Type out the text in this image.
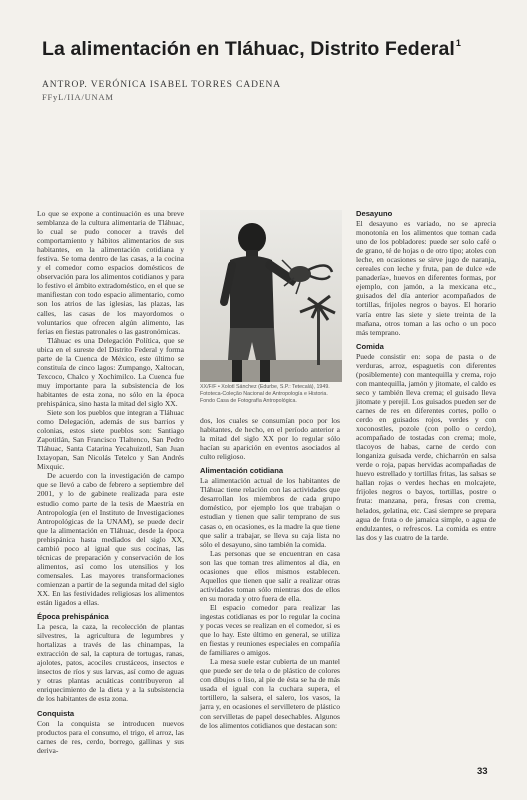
La alimentación en Tláhuac, Distrito Federal$^1$
ANTROP. VERÓNICA ISABEL TORRES CADENA
FFyL/IIA/UNAM

Lo que se expone a continuación es una breve semblanza de la cultura alimentaria de Tláhuac, lo cual se pudo conocer a través del comportamiento y hábitos alimentarios de sus habitantes, en la alimentación cotidiana y festiva. Se toma dentro de las casas, a la cocina y el comedor como espacios domésticos de observación para los alimentos cotidianos y para lo festivo el ámbito extradoméstico, en el que se manifiestan con todo espacio alimentario, como son los atrios de las iglesias, las plazas, las calles, las casas de los mayordomos o voluntarios que ofrecen algún alimento, las ferias en fiestas patronales o las gastronómicas.

Tláhuac es una Delegación Política, que se ubica en el sureste del Distrito Federal y forma parte de la Cuenca de México, este último se constituía de cinco lagos: Zumpango, Xaltocan, Texcoco, Chalco y Xochimilco. La Cuenca fue muy importante para la subsistencia de los habitantes de esta zona, no sólo en la época prehispánica, sino hasta la mitad del siglo XX.

Siete son los pueblos que integran a Tláhuac como Delegación, además de sus barrios y colonias, estos siete pueblos son: Santiago Zapotitlán, San Francisco Tlaltenco, San Pedro Tláhuac, Santa Catarina Yecahuizotl, San Juan Ixtayopan, San Nicolás Tetelco y San Andrés Mixquic.

De acuerdo con la investigación de campo que se llevó a cabo de febrero a septiembre del 2001, y lo de gabinete realizada para este estudio como parte de la tesis de Maestría en Antropología (en el Instituto de Investigaciones Antropológicas de la UNAM), se puede decir que la alimentación en Tláhuac, desde la época prehispánica hasta mediados del siglo XX, cambió poco al igual que sus cocinas, las técnicas de preparación y conservación de los alimentos, así como los utensilios y los comensales. Las mayores transformaciones comienzan a partir de la segunda mitad del siglo XX. En las festividades religiosas los alimentos están ligados a ellas.

Época prehispánica

La pesca, la caza, la recolección de plantas silvestres, la agricultura de legumbres y hortalizas a través de las chinampas, la extracción de sal, la captura de tortugas, ranas, ajolotes, patos, acociles crustáceos, insectos e insectos de ríos y sus larvas, así como de aguas y otras plantas acuáticas contribuyeron al enriquecimiento de la dieta y a la subsistencia de los habitantes de esta zona.

Conquista

Con la conquista se introducen nuevos productos para el consumo, el trigo, el arroz, las carnes de res, cerdo, borrego, gallinas y sus deriva-

XX/F/F • Xolotl Sánchez (Edurbe, S.P.: Tetecalá), 1949. Fototeca-Coleção Nacional de Antropología e Historia. Fondo Casa de Fotografía Antropológica.

dos, los cuales se consumían poco por los habitantes, de hecho, en el período anterior a la mitad del siglo XX por lo regular sólo hacían su aparición en eventos asociados al culto religioso.

Alimentación cotidiana

La alimentación actual de los habitantes de Tláhuac tiene relación con las actividades que desarrollan los miembros de cada grupo doméstico, por ejemplo los que trabajan o estudian y tienen que salir temprano de sus casas o, en ocasiones, es la madre la que tiene que salir a trabajar, se lleva su caja lista no sólo el desayuno, sino también la comida.

Las personas que se encuentran en casa son las que toman tres alimentos al día, en ocasiones que ellos mismos establecen. Aquellos que tienen que salir a realizar otras actividades toman sólo mientras dos de ellos en su morada y otro fuera de ella.

El espacio comedor para realizar las ingestas cotidianas es por lo regular la cocina y pocas veces se realizan en el comedor, si es que lo hay. Este último en general, se utiliza en fiestas y reuniones especiales en compañía de familiares o amigos.

La mesa suele estar cubierta de un mantel que puede ser de tela o de plástico de colores con dibujos o liso, al pie de ésta se ha de más usada el igual con la cuchara supera, el tortillero, la salsera, el salero, los vasos, la jarra y, en ocasiones el servilletero de plástico con servilletas de papel desechables. Algunos de los alimentos cotidianos que destacan son:

Desayuno

El desayuno es variado, no se aprecia monotonía en los alimentos que toman cada uno de los pobladores: puede ser solo café o de grano, té de hojas o de otro tipo; atoles con leche, en ocasiones se sirve jugo de naranja, cereales con leche y fruta, pan de dulce «de panadería», huevos en diferentes formas, por ejemplo, con jamón, a la mexicana etc., guisados del día anterior acompañados de tortillas, frijoles negros o bayos. El horario varía entre las siete y siete treinta de la mañana, otros toman a las ocho o un poco más temprano.

Comida

Puede consistir en: sopa de pasta o de verduras, arroz, espaguetis con diferentes (posiblemente) con mantequilla y crema, rojo con mantequilla, jamón y jitomate, el caldo es seco y también lleva crema; el guisado lleva jitomate y perejil. Los guisados pueden ser de carnes de res en diferentes cortes, pollo o cerdo en guisados rojos, verdes y con xoconostles, pozole (con pollo o cerdo), acompañado de tostadas con crema; mole, tlacoyos de habas, carne de cerdo con longaniza guisada verde, chicharrón en salsa verde o roja, papas hervidas acompañadas de huevo estrellado y tortillas fritas, las salsas se hallan rojas o verdes hechas en molcajete, frijoles negros o bayos, tortillas, postre o fruta: manzana, pera, fresas con crema, helados, gelatina, etc. Casi siempre se prepara agua de fruta o de jamaica simple, o agua de endulzantes, o refrescos. La comida es entre las dos y las cuatro de la tarde.

33
